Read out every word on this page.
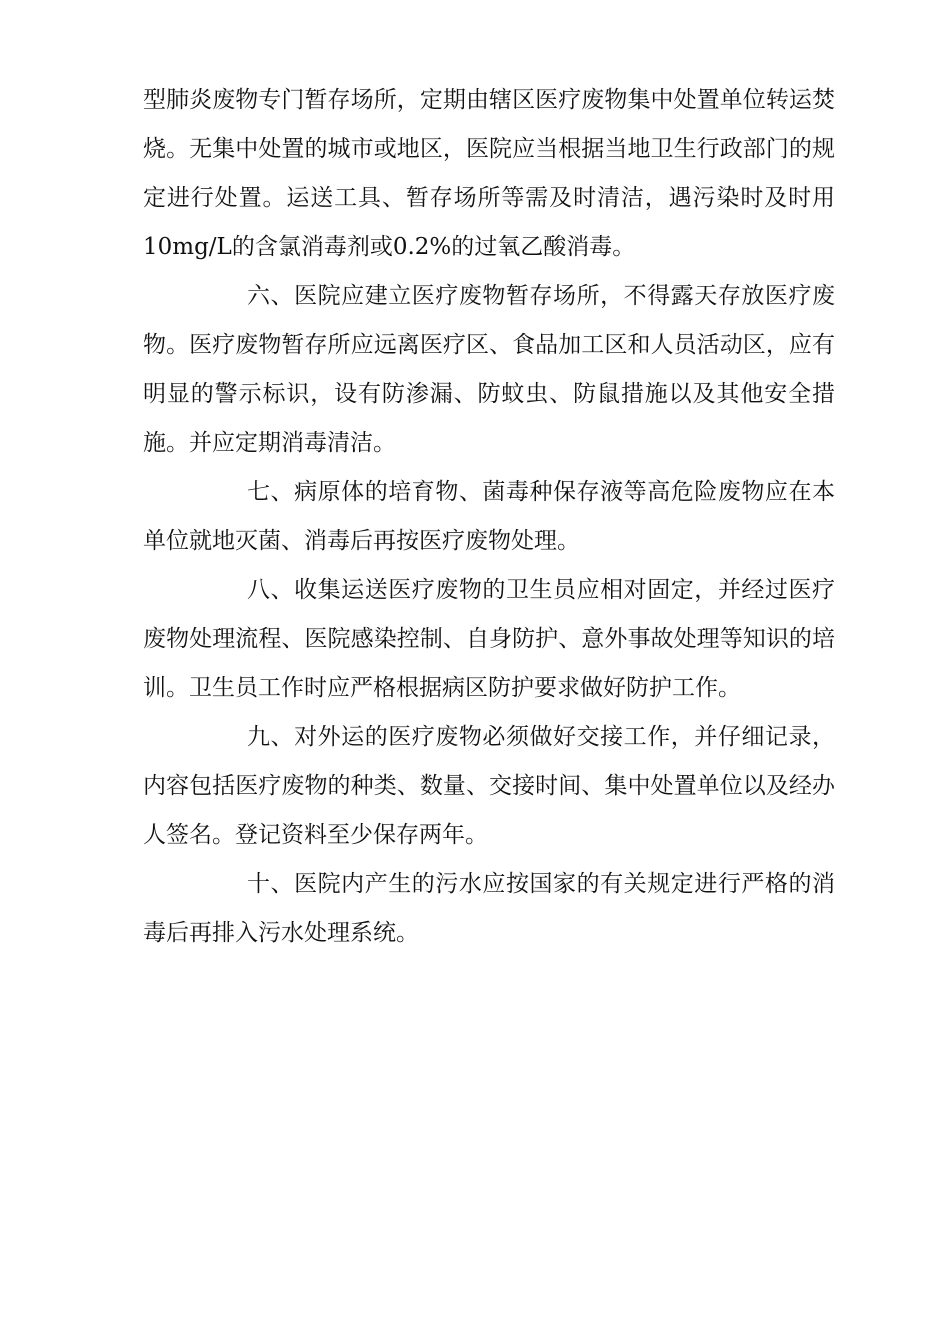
型肺炎废物专门暂存场所，定期由辖区医疗废物集中处置单位转运焚烧。无集中处置的城市或地区，医院应当根据当地卫生行政部门的规定进行处置。运送工具、暂存场所等需及时清洁，遇污染时及时用10mg/L的含氯消毒剂或0.2%的过氧乙酸消毒。

六、医院应建立医疗废物暂存场所，不得露天存放医疗废物。医疗废物暂存所应远离医疗区、食品加工区和人员活动区，应有明显的警示标识，设有防渗漏、防蚊虫、防鼠措施以及其他安全措施。并应定期消毒清洁。

七、病原体的培育物、菌毒种保存液等高危险废物应在本单位就地灭菌、消毒后再按医疗废物处理。

八、收集运送医疗废物的卫生员应相对固定，并经过医疗废物处理流程、医院感染控制、自身防护、意外事故处理等知识的培训。卫生员工作时应严格根据病区防护要求做好防护工作。

九、对外运的医疗废物必须做好交接工作，并仔细记录，内容包括医疗废物的种类、数量、交接时间、集中处置单位以及经办人签名。登记资料至少保存两年。

十、医院内产生的污水应按国家的有关规定进行严格的消毒后再排入污水处理系统。
